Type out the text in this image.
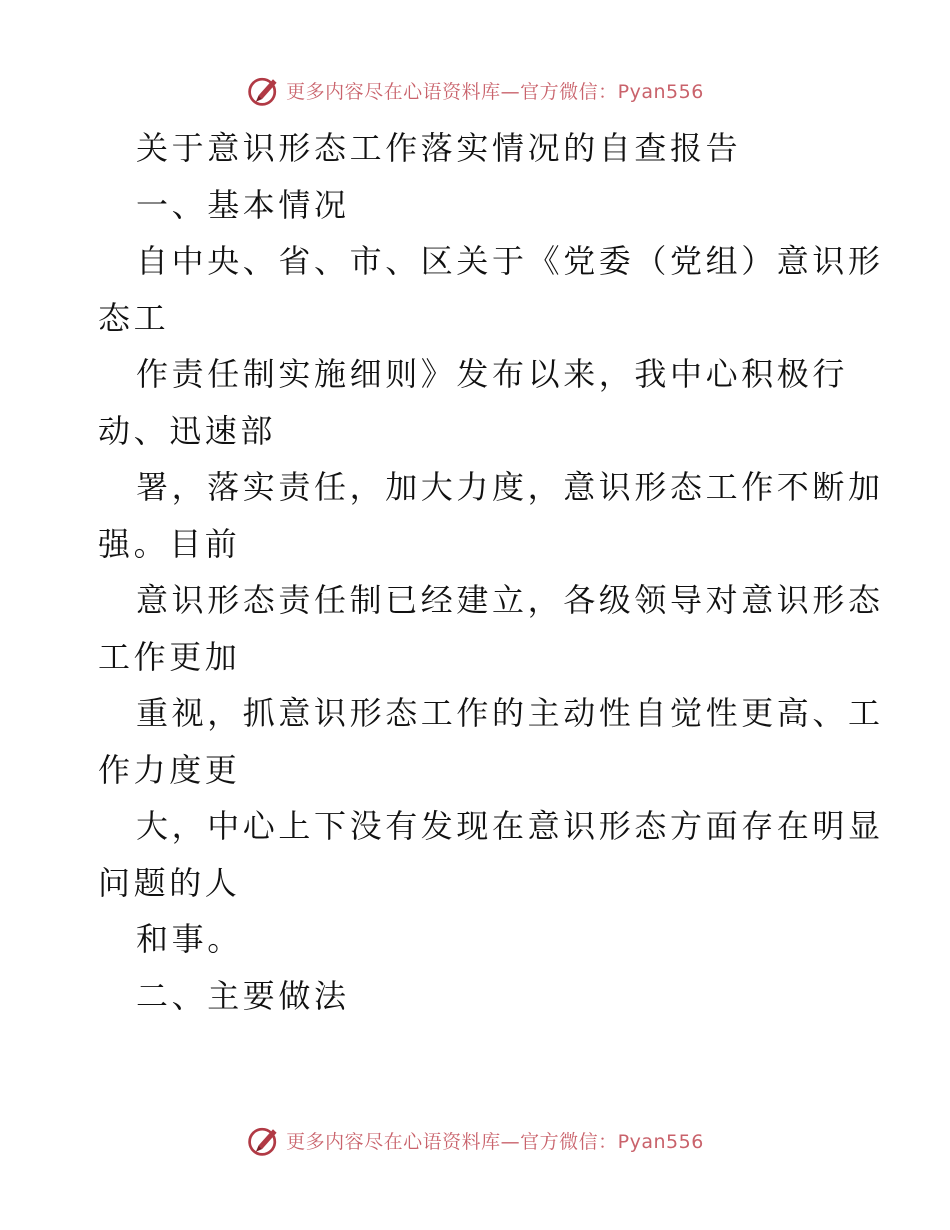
更多内容尽在心语资料库—官方微信：Pyan556
关于意识形态工作落实情况的自查报告
一、基本情况
自中央、省、市、区关于《党委（党组）意识形
态工
作责任制实施细则》发布以来，我中心积极行
动、迅速部
署，落实责任，加大力度，意识形态工作不断加
强。目前
意识形态责任制已经建立，各级领导对意识形态
工作更加
重视，抓意识形态工作的主动性自觉性更高、工
作力度更
大，中心上下没有发现在意识形态方面存在明显
问题的人
和事。
二、主要做法
更多内容尽在心语资料库—官方微信：Pyan556
